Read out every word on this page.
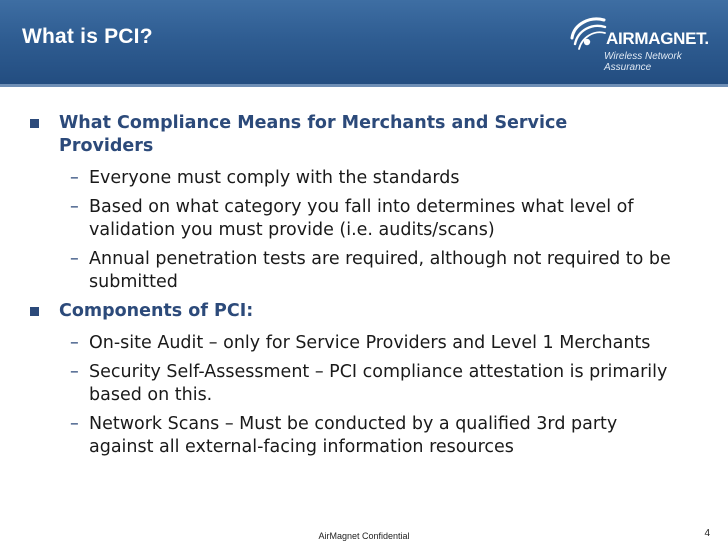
What is PCI?	AIRMAGNET.
Wireless Network Assurance
What Compliance Means for Merchants and Service Providers
– Everyone must comply with the standards
– Based on what category you fall into determines what level of validation you must provide (i.e. audits/scans)
– Annual penetration tests are required, although not required to be submitted
Components of PCI:
– On-site Audit – only for Service Providers and Level 1 Merchants
– Security Self-Assessment – PCI compliance attestation is primarily based on this.
– Network Scans – Must be conducted by a qualified 3rd party against all external-facing information resources
AirMagnet Confidential	4
